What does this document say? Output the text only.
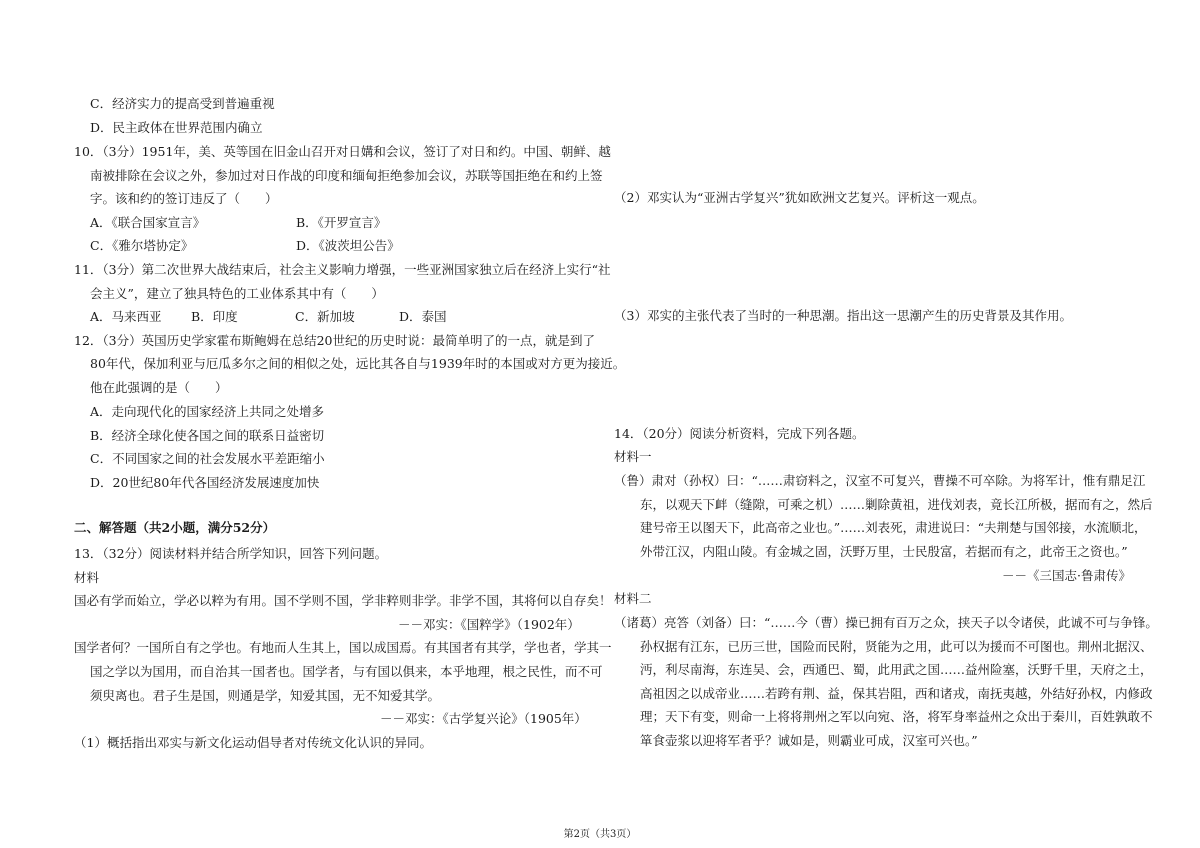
C．经济实力的提高受到普遍重视
D．民主政体在世界范围内确立
10．（3分）1951年，美、英等国在旧金山召开对日媾和会议，签订了对日和约。中国、朝鲜、越
南被排除在会议之外，参加过对日作战的印度和缅甸拒绝参加会议，苏联等国拒绝在和约上签
字。该和约的签订违反了（　　）
A．《联合国家宣言》	B．《开罗宣言》
C．《雅尔塔协定》	D．《波茨坦公告》
11．（3分）第二次世界大战结束后，社会主义影响力增强，一些亚洲国家独立后在经济上实行“社
会主义”，建立了独具特色的工业体系其中有（　　）
A．马来西亚 B．印度	C．新加坡	D．泰国
12．（3分）英国历史学家霍布斯鲍姆在总结20世纪的历史时说：最简单明了的一点，就是到了
80年代，保加利亚与厄瓜多尔之间的相似之处，远比其各自与1939年时的本国或对方更为接近。
他在此强调的是（　　）
A．走向现代化的国家经济上共同之处增多
B．经济全球化使各国之间的联系日益密切
C．不同国家之间的社会发展水平差距缩小
D．20世纪80年代各国经济发展速度加快
二、解答题（共2小题，满分52分）
13．（32分）阅读材料并结合所学知识，回答下列问题。
材料
国必有学而始立，学必以粹为有用。国不学则不国，学非粹则非学。非学不国，其将何以自存矣！
－－邓实：《国粹学》（1902年）
国学者何？一国所自有之学也。有地而人生其上，国以成国焉。有其国者有其学，学也者，学其一
国之学以为国用，而自治其一国者也。国学者，与有国以俱来，本乎地理，根之民性，而不可
须臾离也。君子生是国，则通是学，知爱其国，无不知爱其学。
－－邓实：《古学复兴论》（1905年）
（1）概括指出邓实与新文化运动倡导者对传统文化认识的异同。
（2）邓实认为“亚洲古学复兴”犹如欧洲文艺复兴。评析这一观点。
（3）邓实的主张代表了当时的一种思潮。指出这一思潮产生的历史背景及其作用。
14．（20分）阅读分析资料，完成下列各题。
材料一
（鲁）肃对（孙权）曰：“……肃窃料之，汉室不可复兴，曹操不可卒除。为将军计，惟有鼎足江
东，以观天下衅（缝隙，可乘之机）……剿除黄祖，进伐刘表，竟长江所极，据而有之，然后
建号帝王以图天下，此高帝之业也。”……刘表死，肃进说曰：“夫荆楚与国邻接，水流顺北，
外带江汉，内阻山陵。有金城之固，沃野万里，士民殷富，若据而有之，此帝王之资也。”
－－《三国志·鲁肃传》
材料二
（诸葛）亮答（刘备）曰：“……今（曹）操已拥有百万之众，挟天子以令诸侯，此诚不可与争锋。
孙权据有江东，已历三世，国险而民附，贤能为之用，此可以为援而不可图也。荆州北据汉、
沔，利尽南海，东连吴、会，西通巴、蜀，此用武之国……益州险塞，沃野千里，天府之土，
高祖因之以成帝业……若跨有荆、益，保其岩阻，西和诸戎，南抚夷越，外结好孙权，内修政
理；天下有变，则命一上将将荆州之军以向宛、洛，将军身率益州之众出于秦川，百姓孰敢不
箪食壶浆以迎将军者乎？诚如是，则霸业可成，汉室可兴也。”
第2页（共3页）
